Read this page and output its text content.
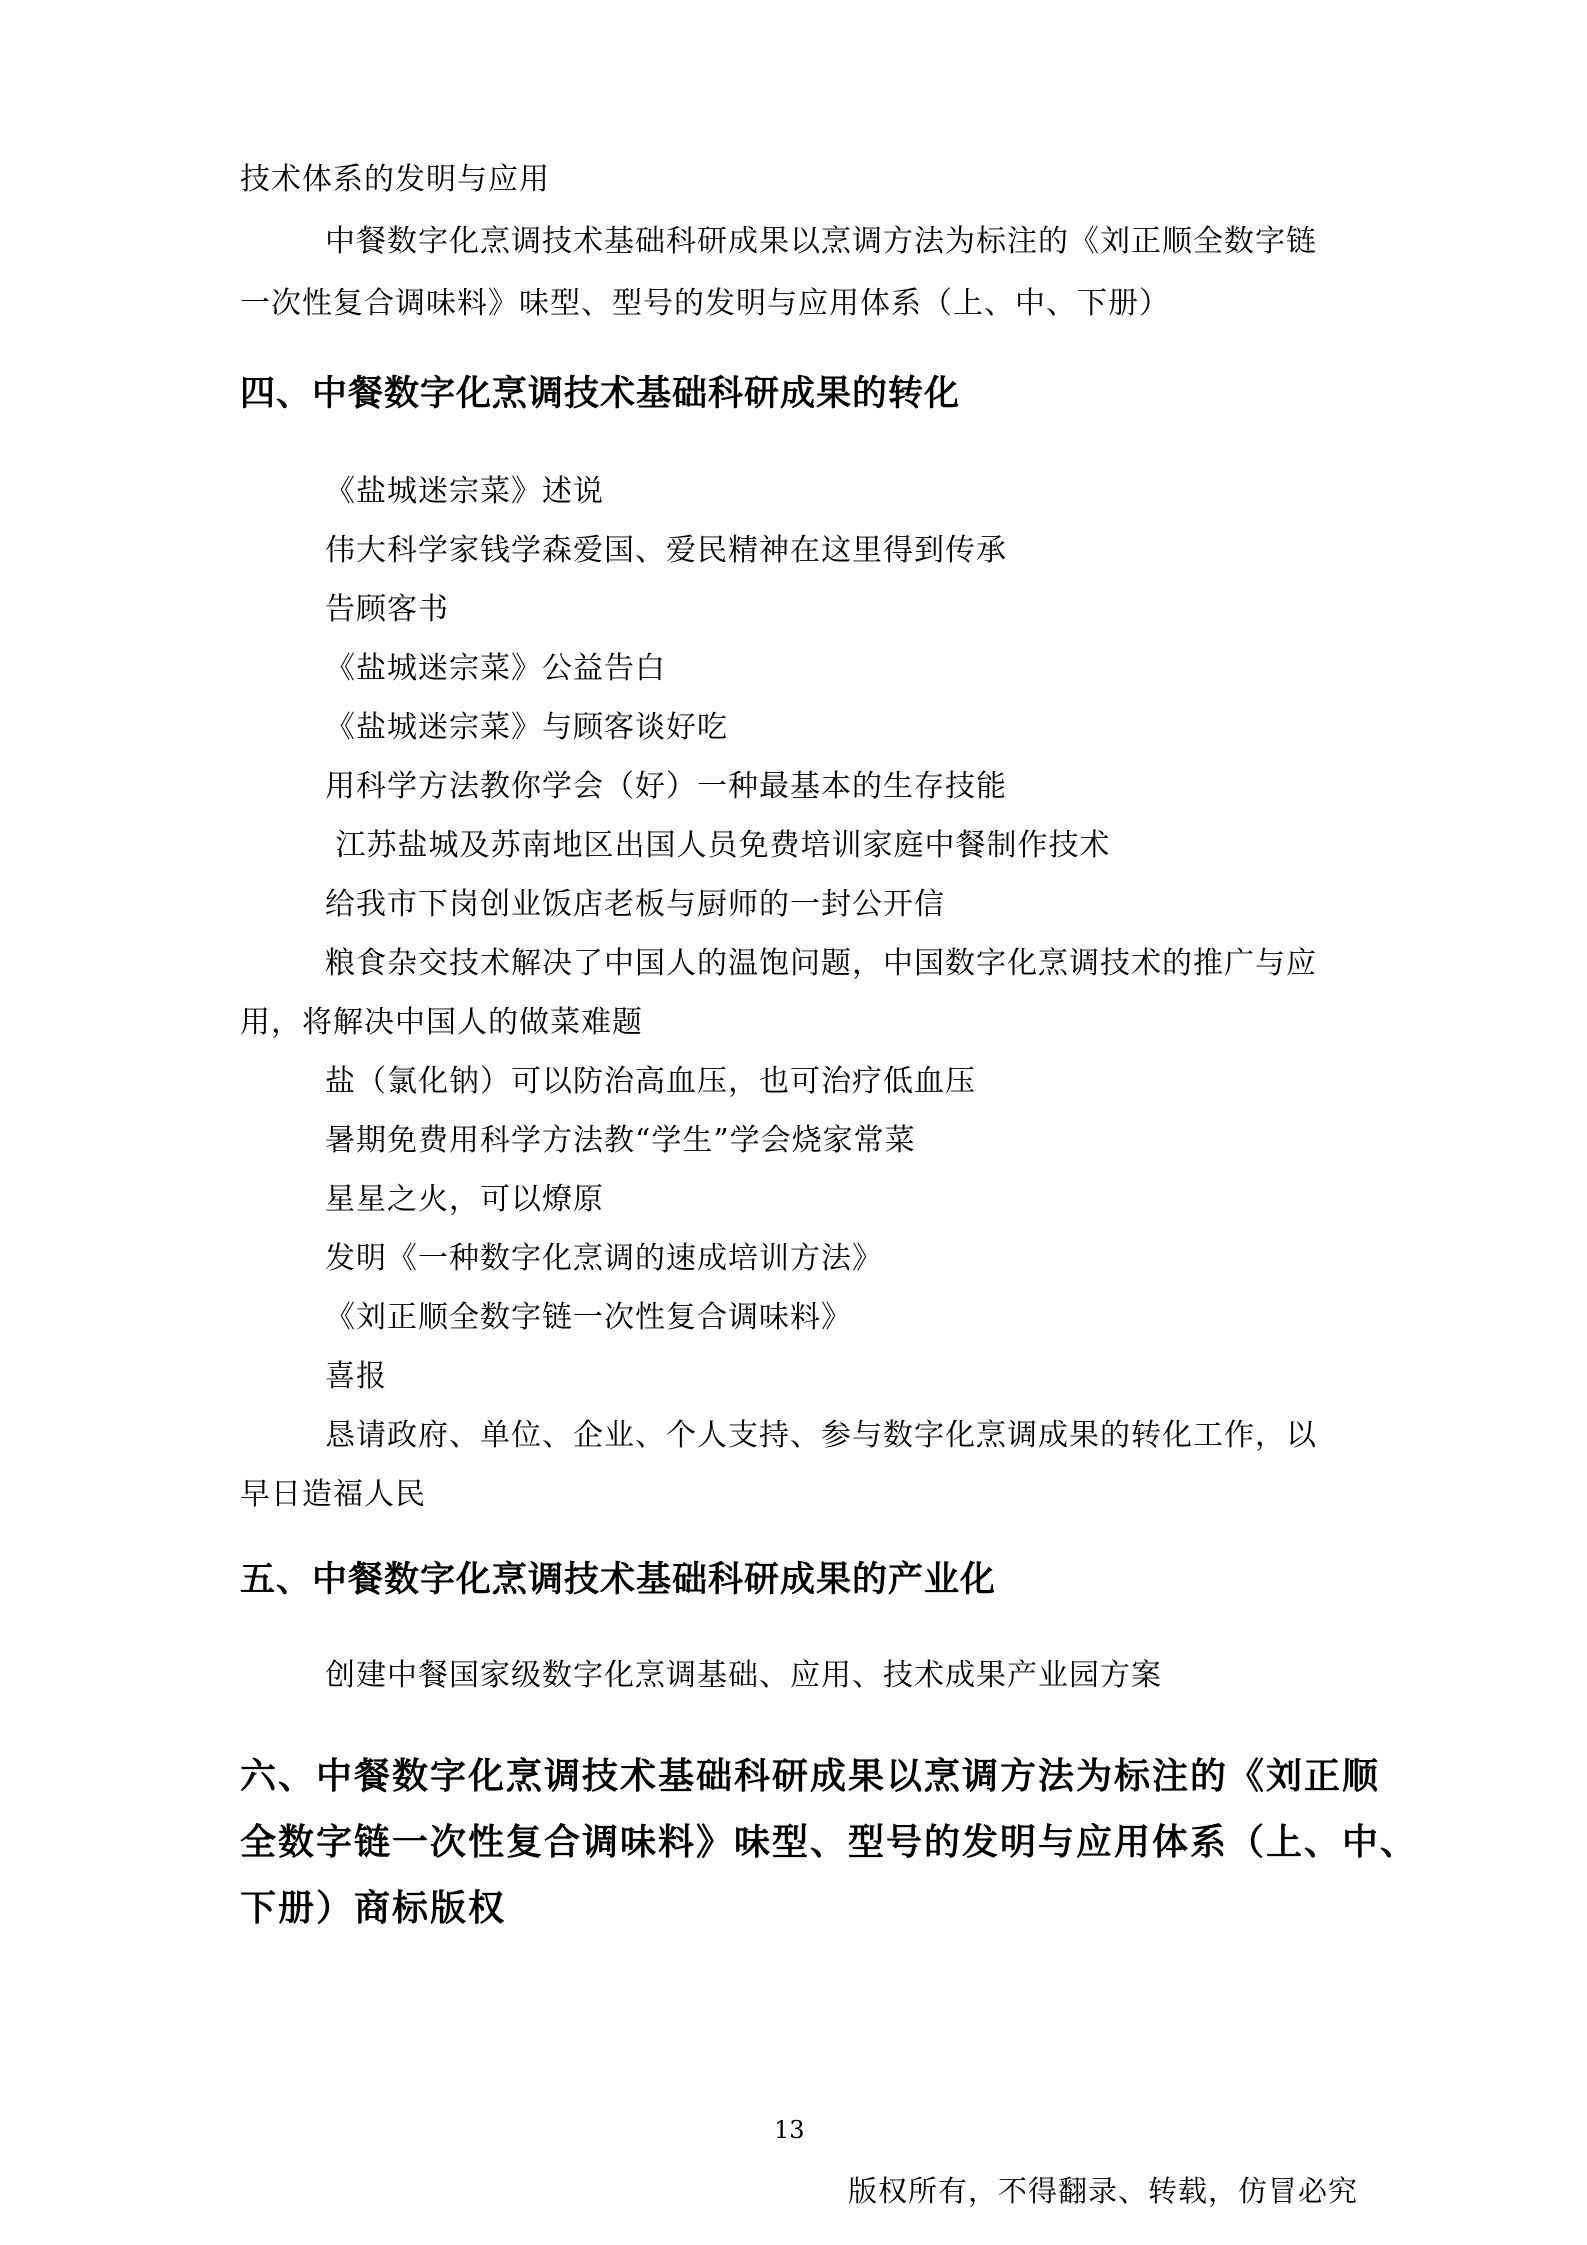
技术体系的发明与应用
中餐数字化烹调技术基础科研成果以烹调方法为标注的《刘正顺全数字链
一次性复合调味料》味型、型号的发明与应用体系（上、中、下册）
四、中餐数字化烹调技术基础科研成果的转化
《盐城迷宗菜》述说
伟大科学家钱学森爱国、爱民精神在这里得到传承
告顾客书
《盐城迷宗菜》公益告白
《盐城迷宗菜》与顾客谈好吃
用科学方法教你学会（好）一种最基本的生存技能
江苏盐城及苏南地区出国人员免费培训家庭中餐制作技术
给我市下岗创业饭店老板与厨师的一封公开信
粮食杂交技术解决了中国人的温饱问题，中国数字化烹调技术的推广与应
用，将解决中国人的做菜难题
盐（氯化钠）可以防治高血压，也可治疗低血压
暑期免费用科学方法教“学生”学会烧家常菜
星星之火，可以燎原
发明《一种数字化烹调的速成培训方法》
《刘正顺全数字链一次性复合调味料》
喜报
恳请政府、单位、企业、个人支持、参与数字化烹调成果的转化工作，以
早日造福人民
五、中餐数字化烹调技术基础科研成果的产业化
创建中餐国家级数字化烹调基础、应用、技术成果产业园方案
六、中餐数字化烹调技术基础科研成果以烹调方法为标注的《刘正顺
全数字链一次性复合调味料》味型、型号的发明与应用体系（上、中、
下册）商标版权
13
版权所有，不得翻录、转载，仿冒必究
